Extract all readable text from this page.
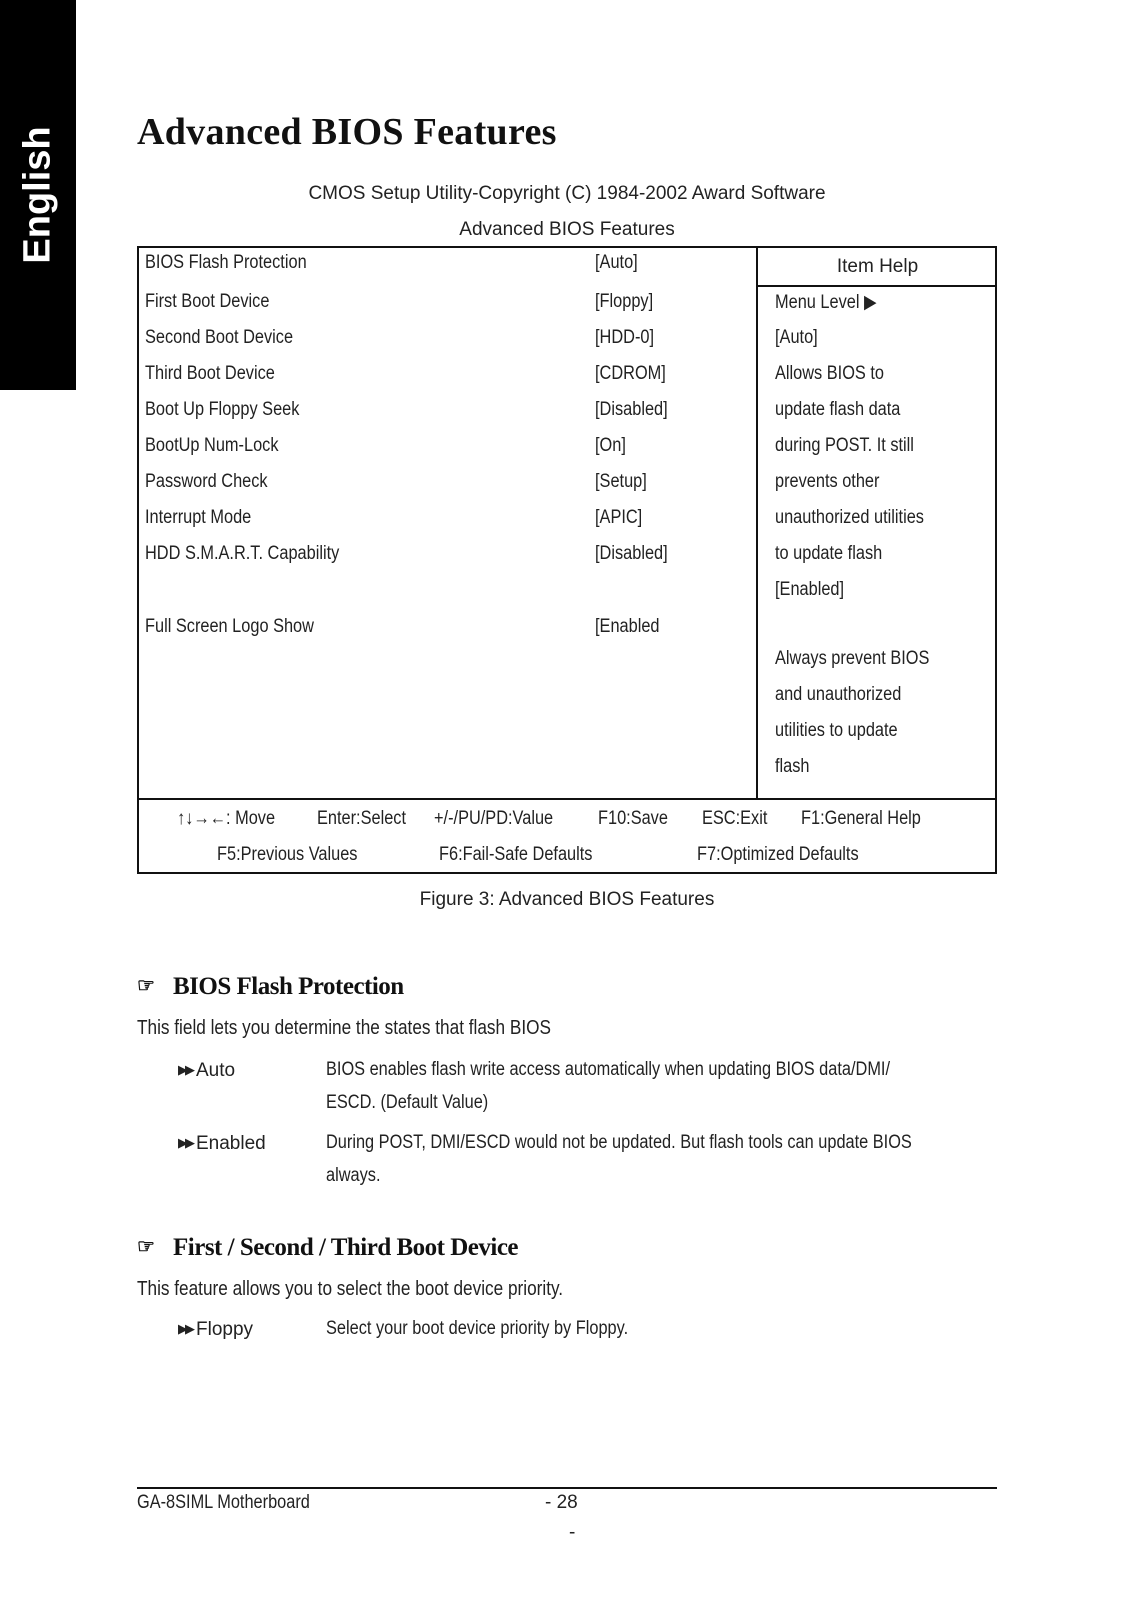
English Advanced BIOS Features
CMOS Setup Utility-Copyright (C) 1984-2002 Award Software
Advanced BIOS Features
BIOS Flash Protection	[Auto]
First Boot Device	[Floppy]
Second Boot Device	[HDD-0]
Third Boot Device	[CDROM]
Boot Up Floppy Seek	[Disabled]
BootUp Num-Lock	[On]
Password Check	[Setup]
Interrupt Mode	[APIC]
HDD S.M.A.R.T. Capability	[Disabled]
Full Screen Logo Show	[Enabled
Item Help
Menu Level ▶
[Auto]
Allows BIOS to
update flash data
during POST. It still
prevents other
unauthorized utilities
to update flash
[Enabled]
Always prevent BIOS
and unauthorized
utilities to update
flash
↑↓→←: Move Enter:Select +/-/PU/PD:Value F10:Save ESC:Exit F1:General Help
F5:Previous Values	F6:Fail-Safe Defaults	F7:Optimized Defaults
Figure 3: Advanced BIOS Features
☞ BIOS Flash Protection
This field lets you determine the states that flash BIOS
▶▶ Auto	BIOS enables flash write access automatically when updating BIOS data/DMI/
ESCD. (Default Value)
▶▶ Enabled	During POST, DMI/ESCD would not be updated. But flash tools can update BIOS
always.
☞ First / Second / Third Boot Device
This feature allows you to select the boot device priority.
▶▶ Floppy	Select your boot device priority by Floppy.
GA-8SIML Motherboard	- 28
-
